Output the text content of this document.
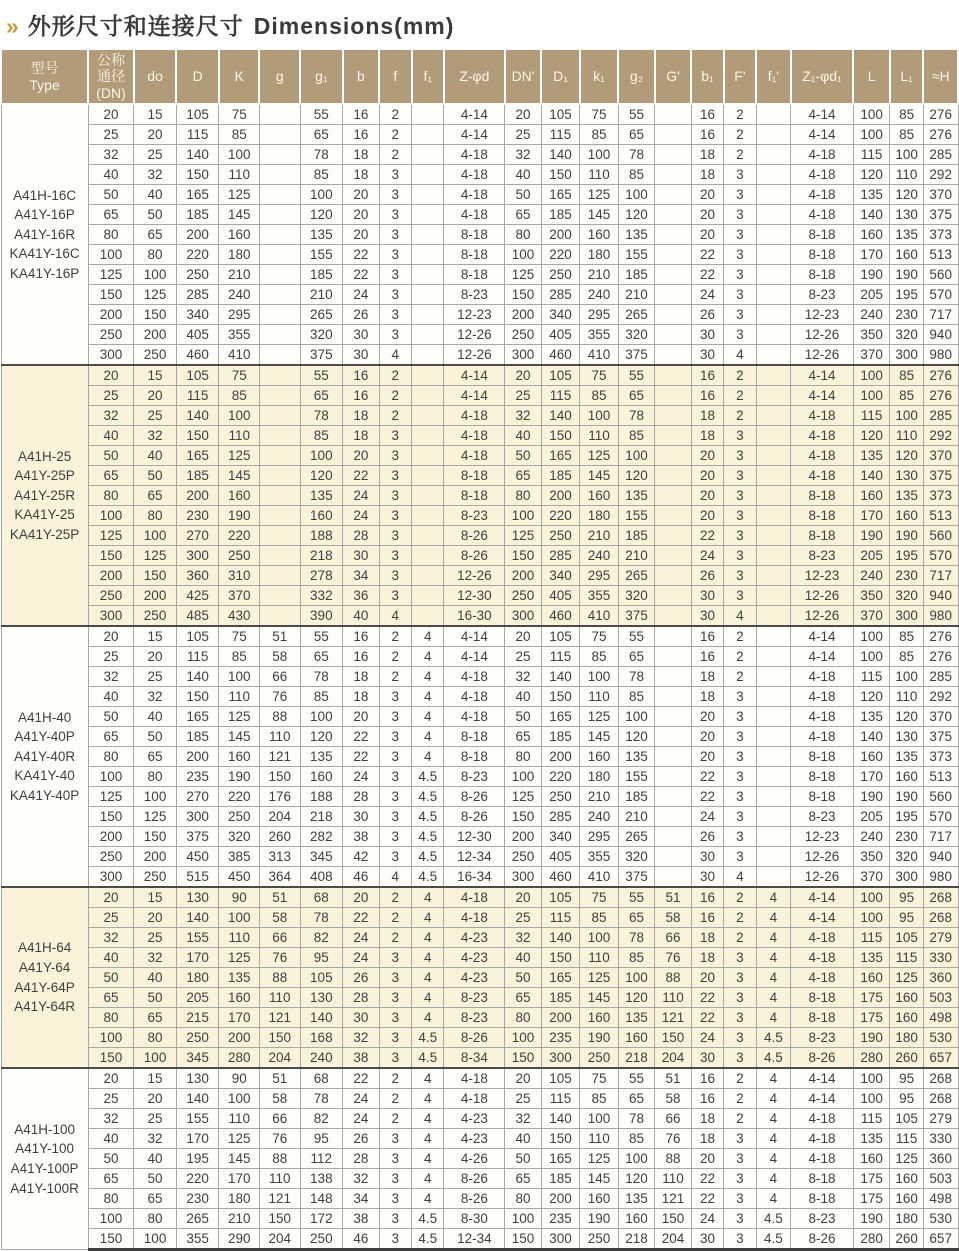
» 外形尺寸和连接尺寸 Dimensions(mm)
型号
Type	公称
通径
(DN)	do	D	K	g	g₁	b	f	f₁	Z-φd	DN'	D₁	k₁	g₂	G'	b₁	F'	f₁'	Z₁-φd₁	L	L₁	≈H

A41H-16C
A41Y-16P
A41Y-16R
KA41Y-16C
KA41Y-16P	20	15	105	75		55	16	2		4-14	20	105	75	55		16	2		4-14	100	85	276
	25	20	115	85		65	16	2		4-14	25	115	85	65		16	2		4-14	100	85	276
	32	25	140	100		78	18	2		4-18	32	140	100	78		18	2		4-18	115	100	285
	40	32	150	110		85	18	3		4-18	40	150	110	85		18	3		4-18	120	110	292
	50	40	165	125		100	20	3		4-18	50	165	125	100		20	3		4-18	135	120	370
	65	50	185	145		120	20	3		4-18	65	185	145	120		20	3		4-18	140	130	375
	80	65	200	160		135	20	3		8-18	80	200	160	135		20	3		8-18	160	135	373
	100	80	220	180		155	22	3		8-18	100	220	180	155		22	3		8-18	170	160	513
	125	100	250	210		185	22	3		8-18	125	250	210	185		22	3		8-18	190	190	560
	150	125	285	240		210	24	3		8-23	150	285	240	210		24	3		8-23	205	195	570
	200	150	340	295		265	26	3		12-23	200	340	295	265		26	3		12-23	240	230	717
	250	200	405	355		320	30	3		12-26	250	405	355	320		30	3		12-26	350	320	940
	300	250	460	410		375	30	4		12-26	300	460	410	375		30	4		12-26	370	300	980

A41H-25
A41Y-25P
A41Y-25R
KA41Y-25
KA41Y-25P	20	15	105	75		55	16	2		4-14	20	105	75	55		16	2		4-14	100	85	276
	25	20	115	85		65	16	2		4-14	25	115	85	65		16	2		4-14	100	85	276
	32	25	140	100		78	18	2		4-18	32	140	100	78		18	2		4-18	115	100	285
	40	32	150	110		85	18	3		4-18	40	150	110	85		18	3		4-18	120	110	292
	50	40	165	125		100	20	3		4-18	50	165	125	100		20	3		4-18	135	120	370
	65	50	185	145		120	22	3		8-18	65	185	145	120		20	3		4-18	140	130	375
	80	65	200	160		135	24	3		8-18	80	200	160	135		20	3		8-18	160	135	373
	100	80	230	190		160	24	3		8-23	100	220	180	155		20	3		8-18	170	160	513
	125	100	270	220		188	28	3		8-26	125	250	210	185		22	3		8-18	190	190	560
	150	125	300	250		218	30	3		8-26	150	285	240	210		24	3		8-23	205	195	570
	200	150	360	310		278	34	3		12-26	200	340	295	265		26	3		12-23	240	230	717
	250	200	425	370		332	36	3		12-30	250	405	355	320		30	3		12-26	350	320	940
	300	250	485	430		390	40	4		16-30	300	460	410	375		30	4		12-26	370	300	980

A41H-40
A41Y-40P
A41Y-40R
KA41Y-40
KA41Y-40P	20	15	105	75	51	55	16	2	4	4-14	20	105	75	55		16	2		4-14	100	85	276
	25	20	115	85	58	65	16	2	4	4-14	25	115	85	65		16	2		4-14	100	85	276
	32	25	140	100	66	78	18	2	4	4-18	32	140	100	78		18	2		4-18	115	100	285
	40	32	150	110	76	85	18	3	4	4-18	40	150	110	85		18	3		4-18	120	110	292
	50	40	165	125	88	100	20	3	4	4-18	50	165	125	100		20	3		4-18	135	120	370
	65	50	185	145	110	120	22	3	4	8-18	65	185	145	120		20	3		4-18	140	130	375
	80	65	200	160	121	135	22	3	4	8-18	80	200	160	135		20	3		8-18	160	135	373
	100	80	235	190	150	160	24	3	4.5	8-23	100	220	180	155		22	3		8-18	170	160	513
	125	100	270	220	176	188	28	3	4.5	8-26	125	250	210	185		22	3		8-18	190	190	560
	150	125	300	250	204	218	30	3	4.5	8-26	150	285	240	210		24	3		8-23	205	195	570
	200	150	375	320	260	282	38	3	4.5	12-30	200	340	295	265		26	3		12-23	240	230	717
	250	200	450	385	313	345	42	3	4.5	12-34	250	405	355	320		30	3		12-26	350	320	940
	300	250	515	450	364	408	46	4	4.5	16-34	300	460	410	375		30	4		12-26	370	300	980

A41H-64
A41Y-64
A41Y-64P
A41Y-64R	20	15	130	90	51	68	20	2	4	4-18	20	105	75	55	51	16	2	4	4-14	100	95	268
	25	20	140	100	58	78	22	2	4	4-18	25	115	85	65	58	16	2	4	4-14	100	95	268
	32	25	155	110	66	82	24	2	4	4-23	32	140	100	78	66	18	2	4	4-18	115	105	279
	40	32	170	125	76	95	24	3	4	4-23	40	150	110	85	76	18	3	4	4-18	135	115	330
	50	40	180	135	88	105	26	3	4	4-23	50	165	125	100	88	20	3	4	4-18	160	125	360
	65	50	205	160	110	130	28	3	4	8-23	65	185	145	120	110	22	3	4	8-18	175	160	503
	80	65	215	170	121	140	30	3	4	8-23	80	200	160	135	121	22	3	4	8-18	175	160	498
	100	80	250	200	150	168	32	3	4.5	8-26	100	235	190	160	150	24	3	4.5	8-23	190	180	530
	150	100	345	280	204	240	38	3	4.5	8-34	150	300	250	218	204	30	3	4.5	8-26	280	260	657

A41H-100
A41Y-100
A41Y-100P
A41Y-100R	20	15	130	90	51	68	22	2	4	4-18	20	105	75	55	51	16	2	4	4-14	100	95	268
	25	20	140	100	58	78	24	2	4	4-18	25	115	85	65	58	16	2	4	4-14	100	95	268
	32	25	155	110	66	82	24	2	4	4-23	32	140	100	78	66	18	2	4	4-18	115	105	279
	40	32	170	125	76	95	26	3	4	4-23	40	150	110	85	76	18	3	4	4-18	135	115	330
	50	40	195	145	88	112	28	3	4	4-26	50	165	125	100	88	20	3	4	4-18	160	125	360
	65	50	220	170	110	138	32	3	4	8-26	65	185	145	120	110	22	3	4	8-18	175	160	503
	80	65	230	180	121	148	34	3	4	8-26	80	200	160	135	121	22	3	4	8-18	175	160	498
	100	80	265	210	150	172	38	3	4.5	8-30	100	235	190	160	150	24	3	4.5	8-23	190	180	530
	150	100	355	290	204	250	46	3	4.5	12-34	150	300	250	218	204	30	3	4.5	8-26	280	260	657
